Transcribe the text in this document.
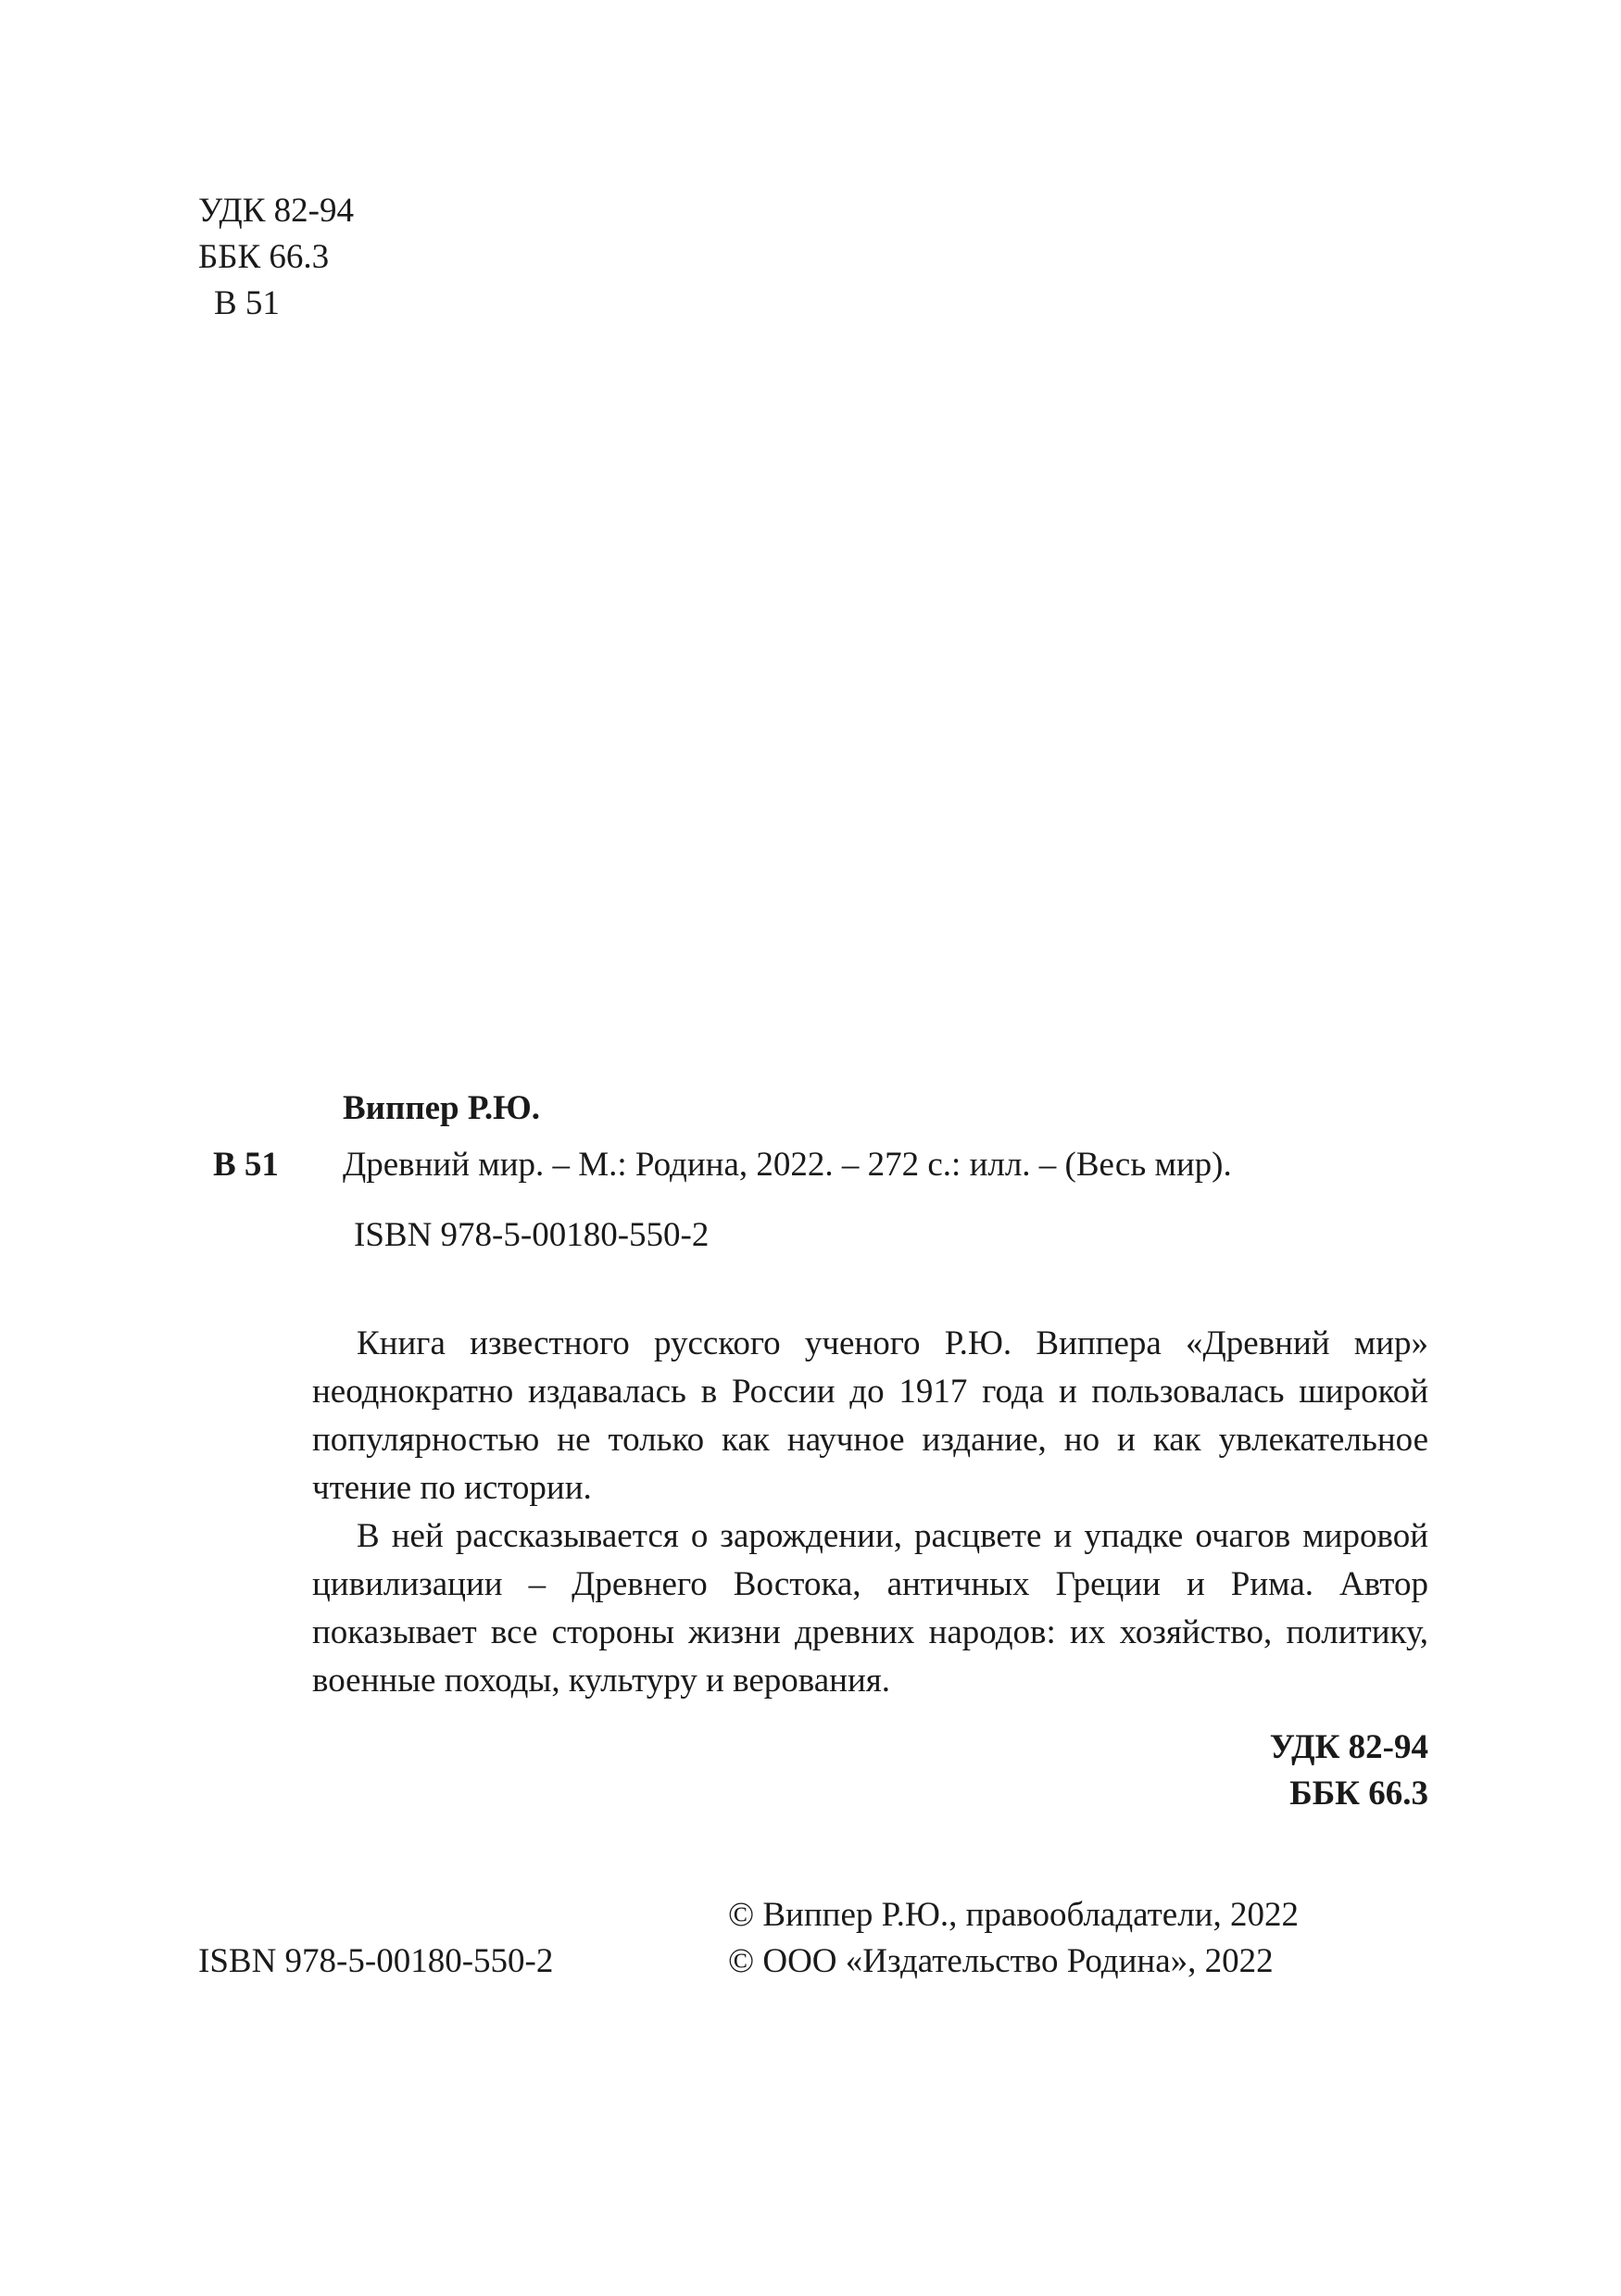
УДК 82-94
ББК 66.3
В 51
Виппер Р.Ю.
В 51 Древний мир. – М.: Родина, 2022. – 272 с.: илл. – (Весь мир).
ISBN 978-5-00180-550-2

Книга известного русского ученого Р.Ю. Виппера «Древний мир» неоднократно издавалась в России до 1917 года и пользовалась широкой популярностью не только как научное издание, но и как увлекательное чтение по истории.

В ней рассказывается о зарождении, расцвете и упадке очагов мировой цивилизации – Древнего Востока, античных Греции и Рима. Автор показывает все стороны жизни древних народов: их хозяйство, политику, военные походы, культуру и верования.

УДК 82-94
ББК 66.3
© Виппер Р.Ю., правообладатели, 2022
ISBN 978-5-00180-550-2	© ООО «Издательство Родина», 2022
